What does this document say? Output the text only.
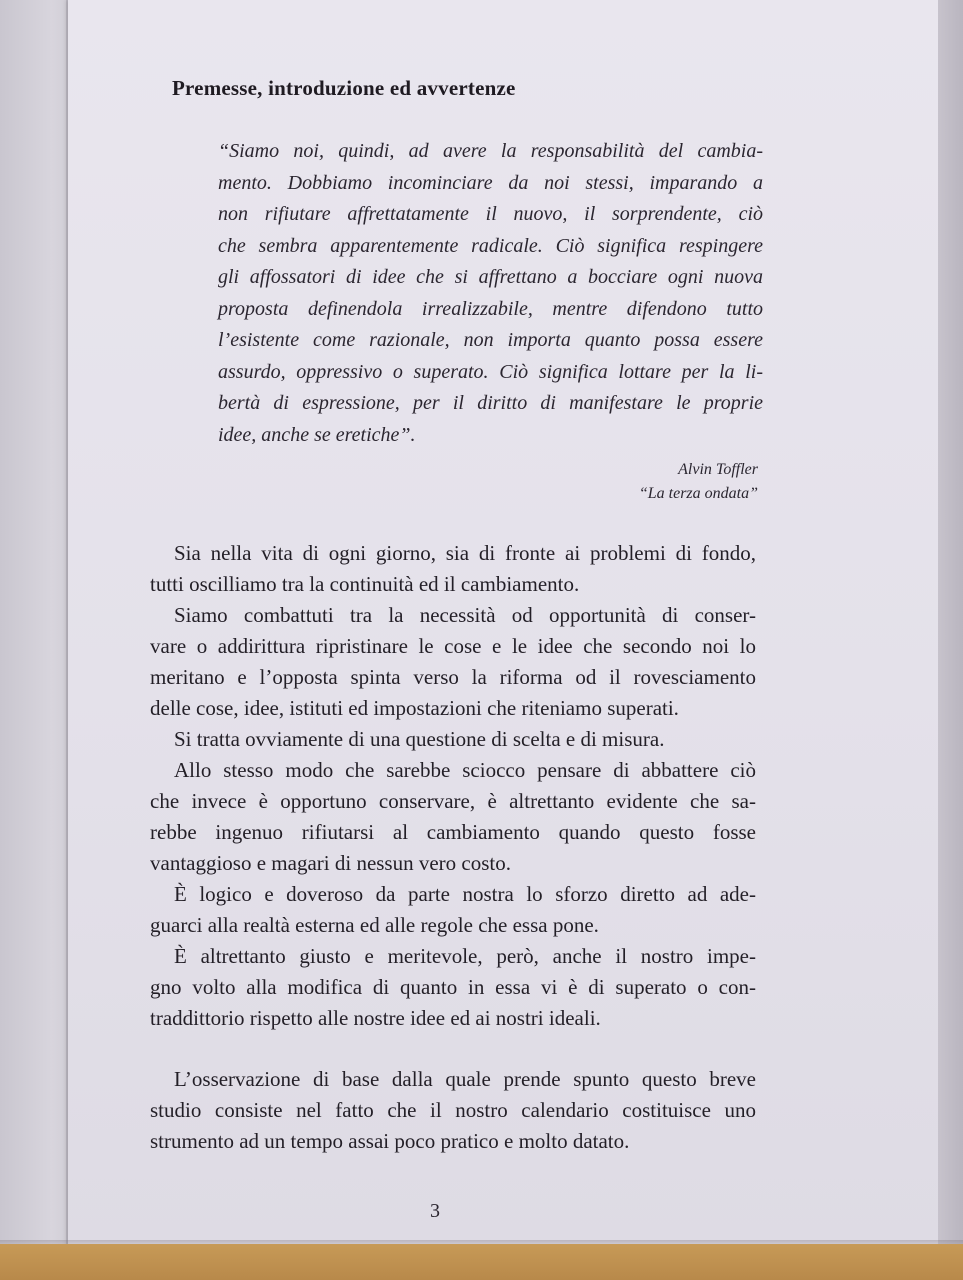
Premesse, introduzione ed avvertenze
“Siamo noi, quindi, ad avere la responsabilità del cambia-
mento. Dobbiamo incominciare da noi stessi, imparando a
non rifiutare affrettatamente il nuovo, il sorprendente, ciò
che sembra apparentemente radicale. Ciò significa respingere
gli affossatori di idee che si affrettano a bocciare ogni nuova
proposta definendola irrealizzabile, mentre difendono tutto
l’esistente come razionale, non importa quanto possa essere
assurdo, oppressivo o superato. Ciò significa lottare per la li-
bertà di espressione, per il diritto di manifestare le proprie
idee, anche se eretiche”.
Alvin Toffler
“La terza ondata”
Sia nella vita di ogni giorno, sia di fronte ai problemi di fondo,
tutti oscilliamo tra la continuità ed il cambiamento.
Siamo combattuti tra la necessità od opportunità di conser-
vare o addirittura ripristinare le cose e le idee che secondo noi lo
meritano e l’opposta spinta verso la riforma od il rovesciamento
delle cose, idee, istituti ed impostazioni che riteniamo superati.
Si tratta ovviamente di una questione di scelta e di misura.
Allo stesso modo che sarebbe sciocco pensare di abbattere ciò
che invece è opportuno conservare, è altrettanto evidente che sa-
rebbe ingenuo rifiutarsi al cambiamento quando questo fosse
vantaggioso e magari di nessun vero costo.
È logico e doveroso da parte nostra lo sforzo diretto ad ade-
guarci alla realtà esterna ed alle regole che essa pone.
È altrettanto giusto e meritevole, però, anche il nostro impe-
gno volto alla modifica di quanto in essa vi è di superato o con-
traddittorio rispetto alle nostre idee ed ai nostri ideali.
L’osservazione di base dalla quale prende spunto questo breve
studio consiste nel fatto che il nostro calendario costituisce uno
strumento ad un tempo assai poco pratico e molto datato.
3
